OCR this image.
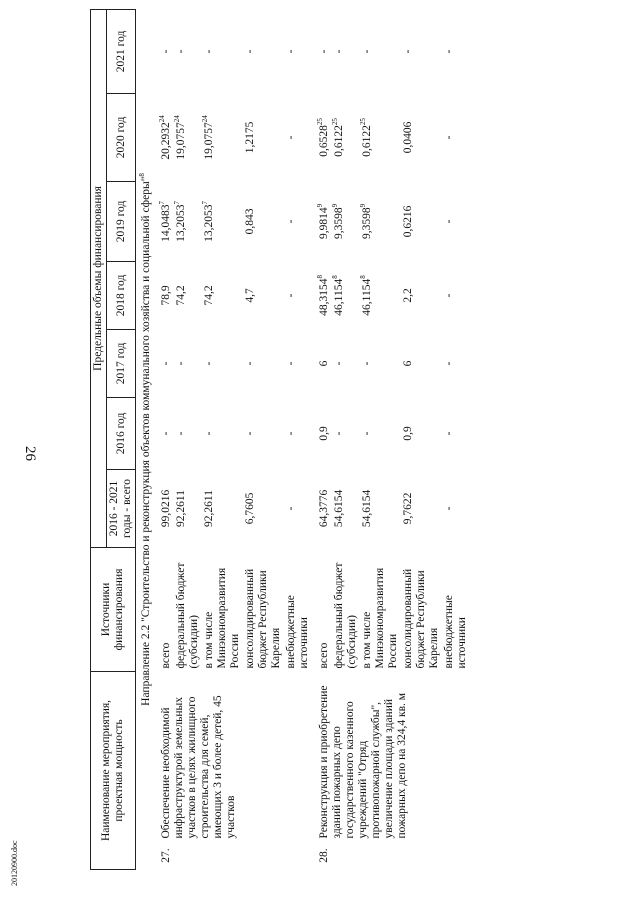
26
20120900.doc
Наименование мероприятия, проектная мощность		Источники финансирования	Предельные объемы финансирования						
			2016 - 2021 годы - всего	2016 год	2017 год	2018 год	2019 год	2020 год	2021 год
Направление 2.2 "Строительство и реконструкция объектов коммунального хозяйства и социальной сферы"$^8$
27.	Обеспечение необходимой инфраструктурой земельных участков в целях жилищного строительства для семей, имеющих 3 и более детей, 45 участков	всего	99,0216	-	-	78,9	14,0483$^7$	20,2932$^{24}$	-
		федеральный бюджет (субсидии)	92,2611	-	-	74,2	13,2053$^7$	19,0757$^{24}$	-
		в том числе Минэкономразвития России	92,2611	-	-	74,2	13,2053$^7$	19,0757$^{24}$	-
		консолидированный бюджет Республики Карелия	6,7605	-	-	4,7	0,843	1,2175	-
		внебюджетные источники	-	-	-	-	-	-	-
28.	Реконструкция и приобретение зданий пожарных депо государственного казенного учреждений "Отряд противопожарной службы", увеличение площади зданий пожарных депо на 324,4 кв. м	всего	64,3776	0,9	6	48,3154$^8$	9,9814$^9$	0,6528$^{25}$	-
		федеральный бюджет (субсидии)	54,6154	-	-	46,1154$^8$	9,3598$^9$	0,6122$^{25}$	-
		в том числе Минэкономразвития России	54,6154	-	-	46,1154$^8$	9,3598$^9$	0,6122$^{25}$	-
		консолидированный бюджет Республики Карелия	9,7622	0,9	6	2,2	0,6216	0,0406	-
		внебюджетные источники	-	-	-	-	-	-	-
